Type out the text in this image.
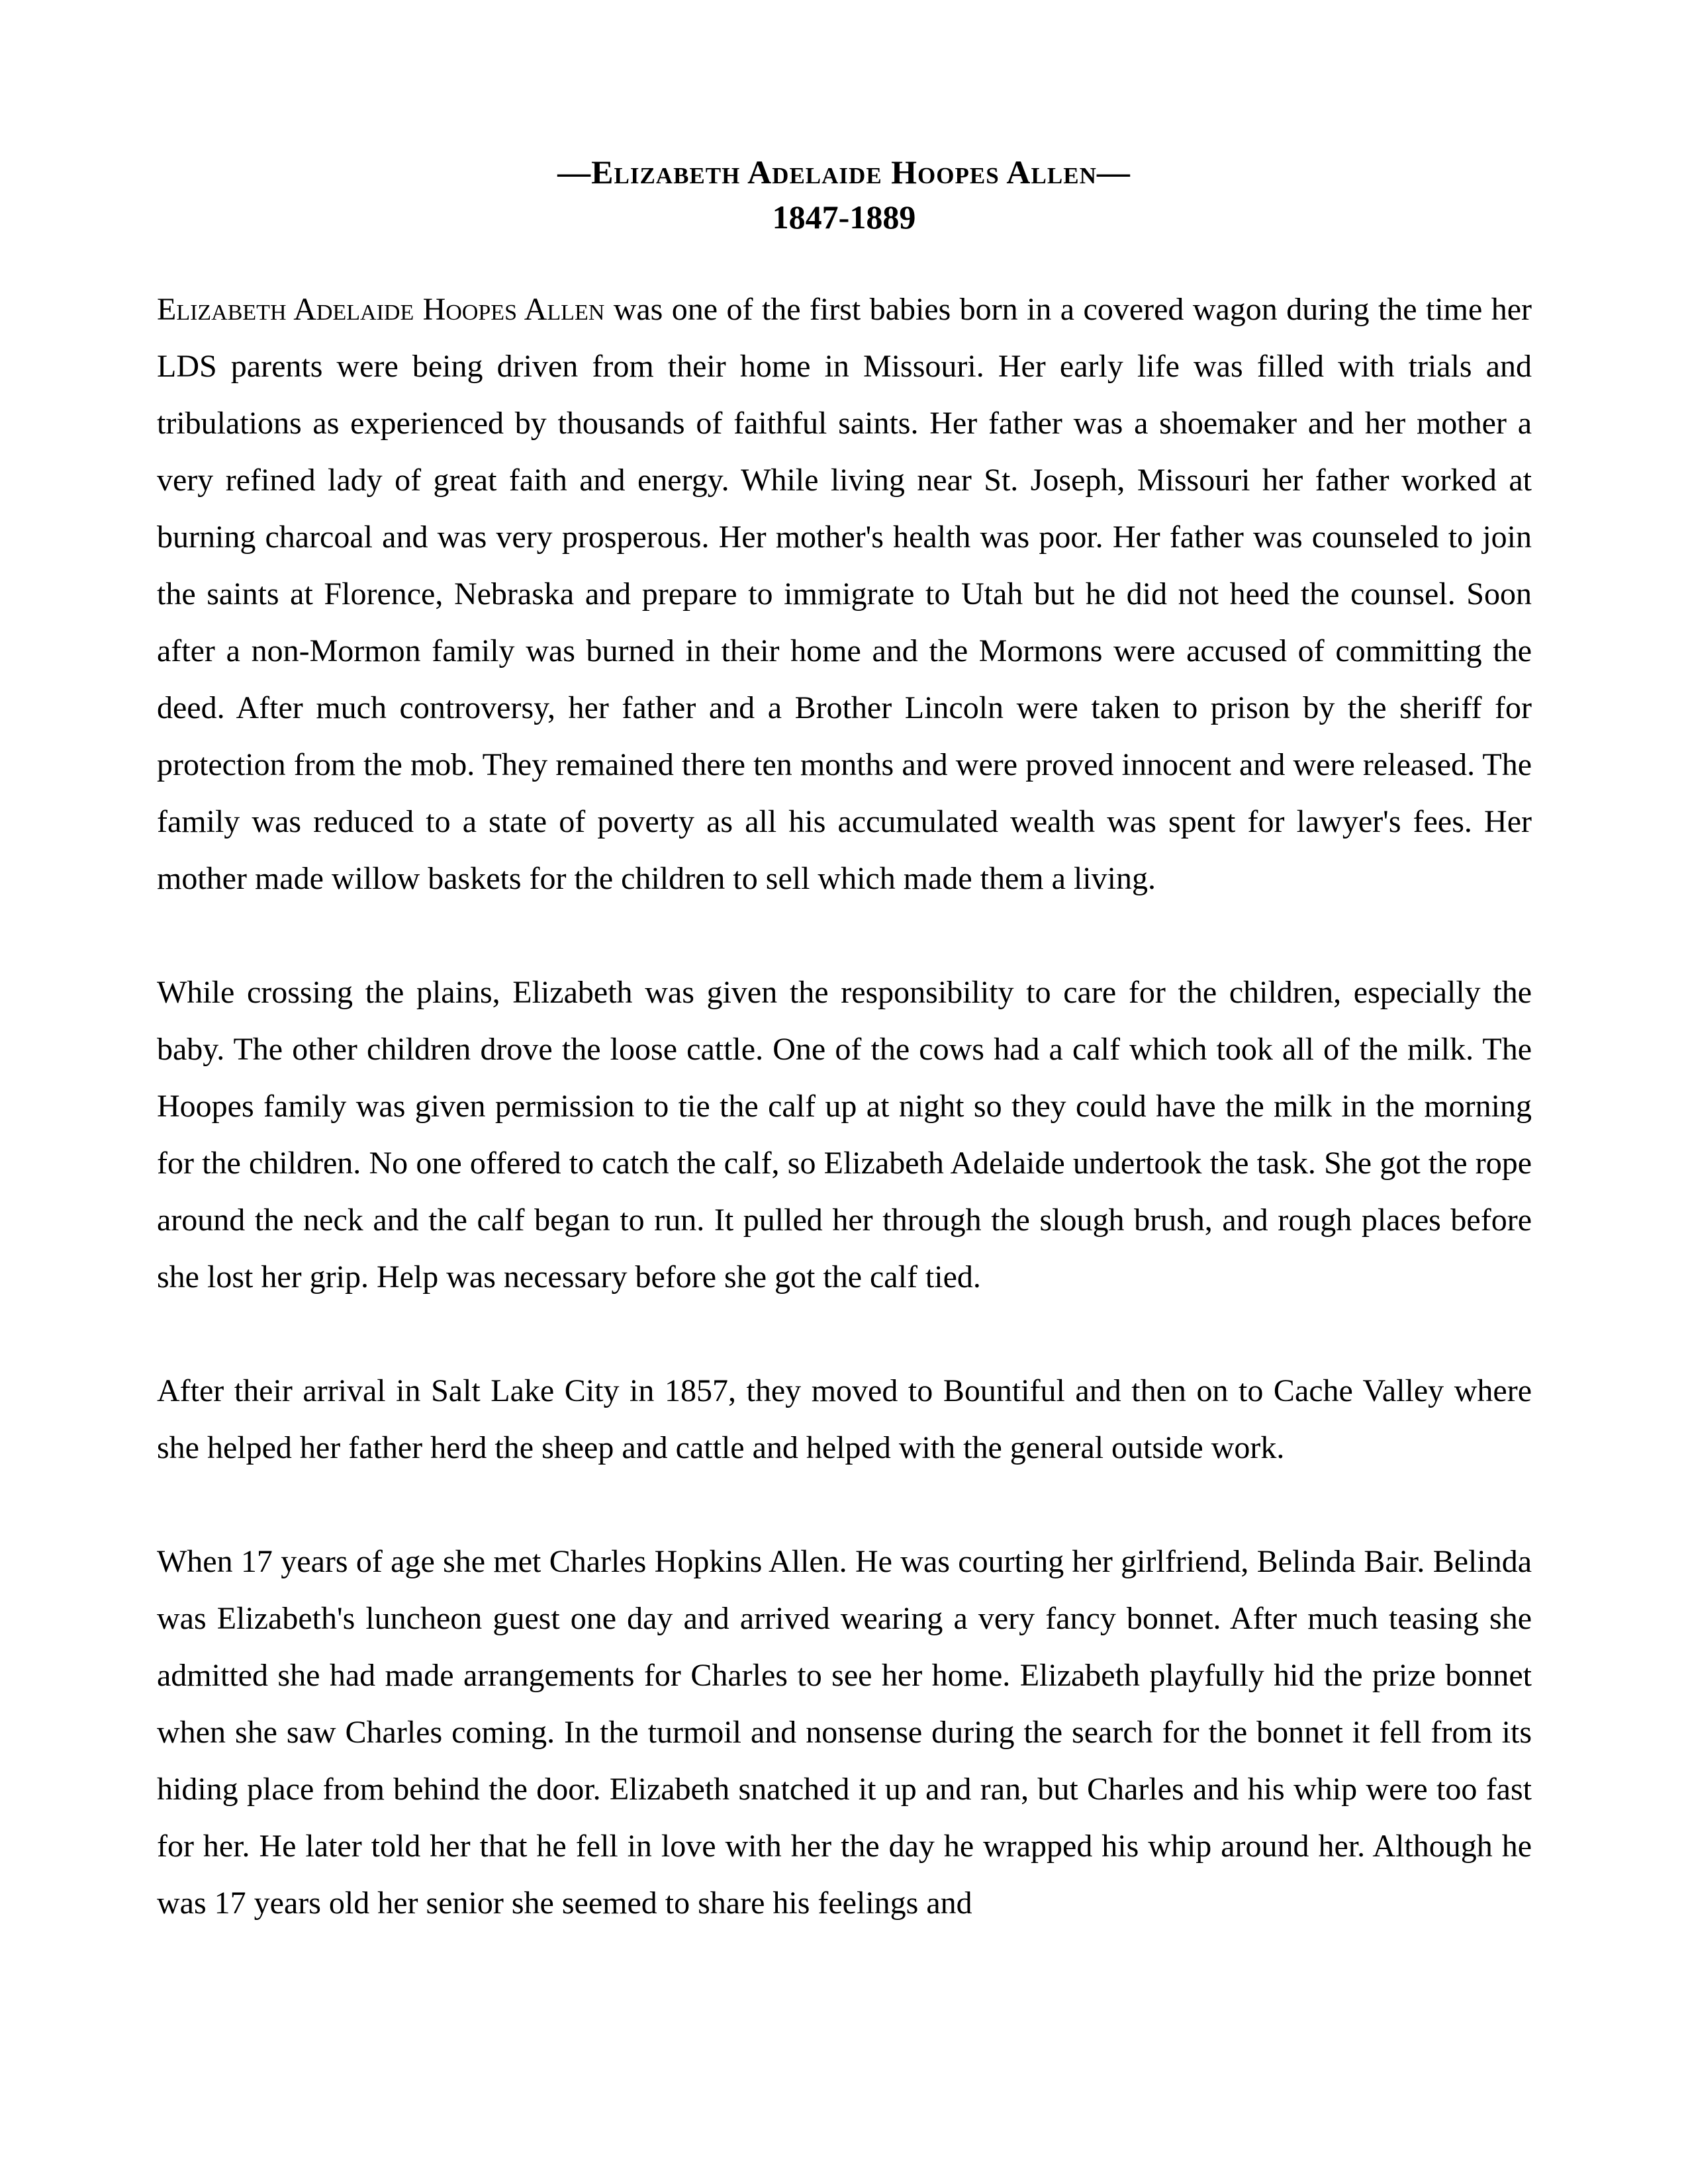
—Elizabeth Adelaide Hoopes Allen—
1847-1889

Elizabeth Adelaide Hoopes Allen was one of the first babies born in a covered wagon during the time her LDS parents were being driven from their home in Missouri. Her early life was filled with trials and tribulations as experienced by thousands of faithful saints. Her father was a shoemaker and her mother a very refined lady of great faith and energy. While living near St. Joseph, Missouri her father worked at burning charcoal and was very prosperous. Her mother's health was poor. Her father was counseled to join the saints at Florence, Nebraska and prepare to immigrate to Utah but he did not heed the counsel. Soon after a non-Mormon family was burned in their home and the Mormons were accused of committing the deed. After much controversy, her father and a Brother Lincoln were taken to prison by the sheriff for protection from the mob. They remained there ten months and were proved innocent and were released. The family was reduced to a state of poverty as all his accumulated wealth was spent for lawyer's fees. Her mother made willow baskets for the children to sell which made them a living.

While crossing the plains, Elizabeth was given the responsibility to care for the children, especially the baby. The other children drove the loose cattle. One of the cows had a calf which took all of the milk. The Hoopes family was given permission to tie the calf up at night so they could have the milk in the morning for the children. No one offered to catch the calf, so Elizabeth Adelaide undertook the task. She got the rope around the neck and the calf began to run. It pulled her through the slough brush, and rough places before she lost her grip. Help was necessary before she got the calf tied.

After their arrival in Salt Lake City in 1857, they moved to Bountiful and then on to Cache Valley where she helped her father herd the sheep and cattle and helped with the general outside work.

When 17 years of age she met Charles Hopkins Allen. He was courting her girlfriend, Belinda Bair. Belinda was Elizabeth's luncheon guest one day and arrived wearing a very fancy bonnet. After much teasing she admitted she had made arrangements for Charles to see her home. Elizabeth playfully hid the prize bonnet when she saw Charles coming. In the turmoil and nonsense during the search for the bonnet it fell from its hiding place from behind the door. Elizabeth snatched it up and ran, but Charles and his whip were too fast for her. He later told her that he fell in love with her the day he wrapped his whip around her. Although he was 17 years old her senior she seemed to share his feelings and
